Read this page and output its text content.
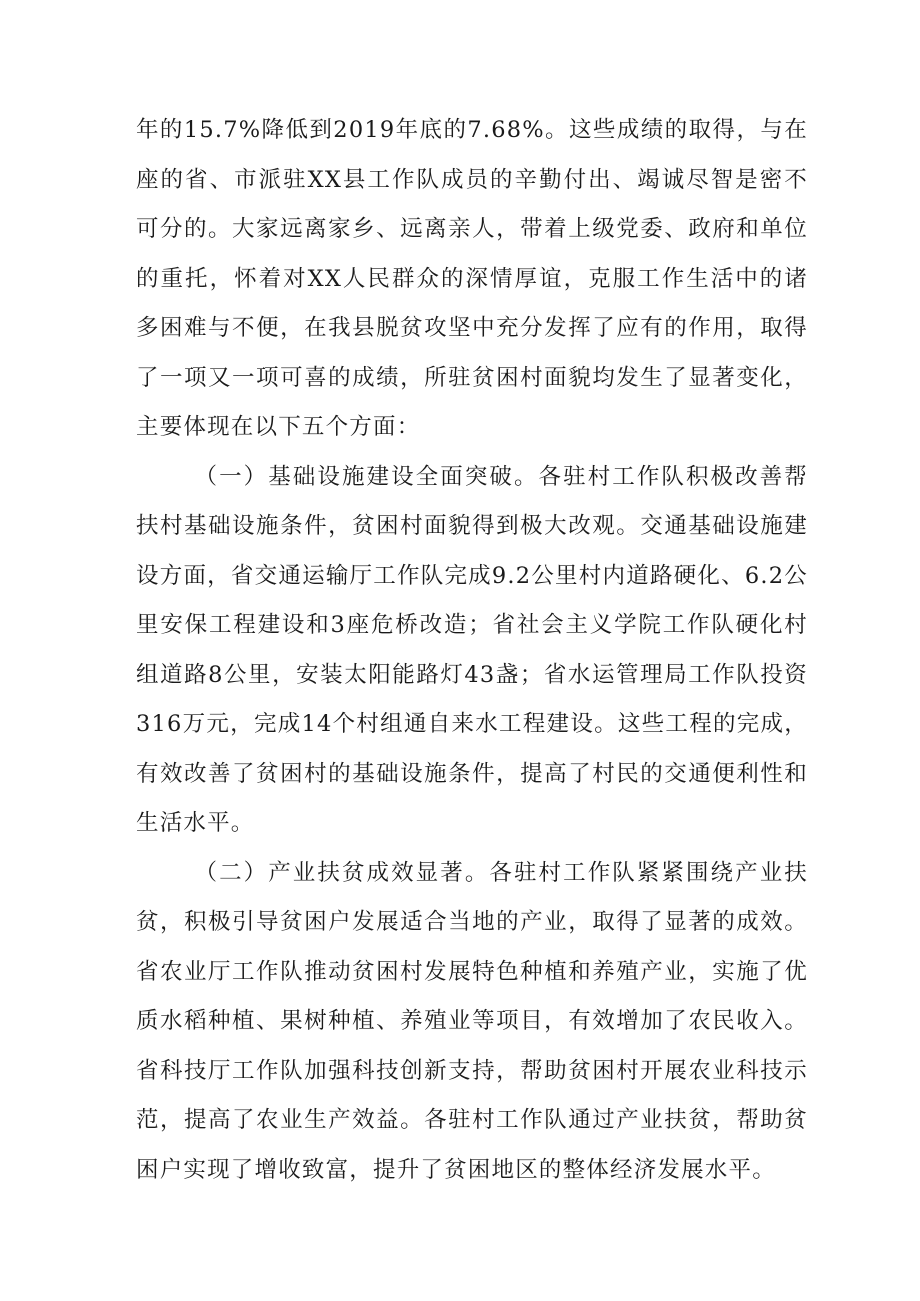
年的15.7%降低到2019年底的7.68%。这些成绩的取得，与在座的省、市派驻XX县工作队成员的辛勤付出、竭诚尽智是密不可分的。大家远离家乡、远离亲人，带着上级党委、政府和单位的重托，怀着对XX人民群众的深情厚谊，克服工作生活中的诸多困难与不便，在我县脱贫攻坚中充分发挥了应有的作用，取得了一项又一项可喜的成绩，所驻贫困村面貌均发生了显著变化，主要体现在以下五个方面：

（一）基础设施建设全面突破。各驻村工作队积极改善帮扶村基础设施条件，贫困村面貌得到极大改观。交通基础设施建设方面，省交通运输厅工作队完成9.2公里村内道路硬化、6.2公里安保工程建设和3座危桥改造；省社会主义学院工作队硬化村组道路8公里，安装太阳能路灯43盏；省水运管理局工作队投资316万元，完成14个村组通自来水工程建设。这些工程的完成，有效改善了贫困村的基础设施条件，提高了村民的交通便利性和生活水平。

（二）产业扶贫成效显著。各驻村工作队紧紧围绕产业扶贫，积极引导贫困户发展适合当地的产业，取得了显著的成效。省农业厅工作队推动贫困村发展特色种植和养殖产业，实施了优质水稻种植、果树种植、养殖业等项目，有效增加了农民收入。省科技厅工作队加强科技创新支持，帮助贫困村开展农业科技示范，提高了农业生产效益。各驻村工作队通过产业扶贫，帮助贫困户实现了增收致富，提升了贫困地区的整体经济发展水平。
